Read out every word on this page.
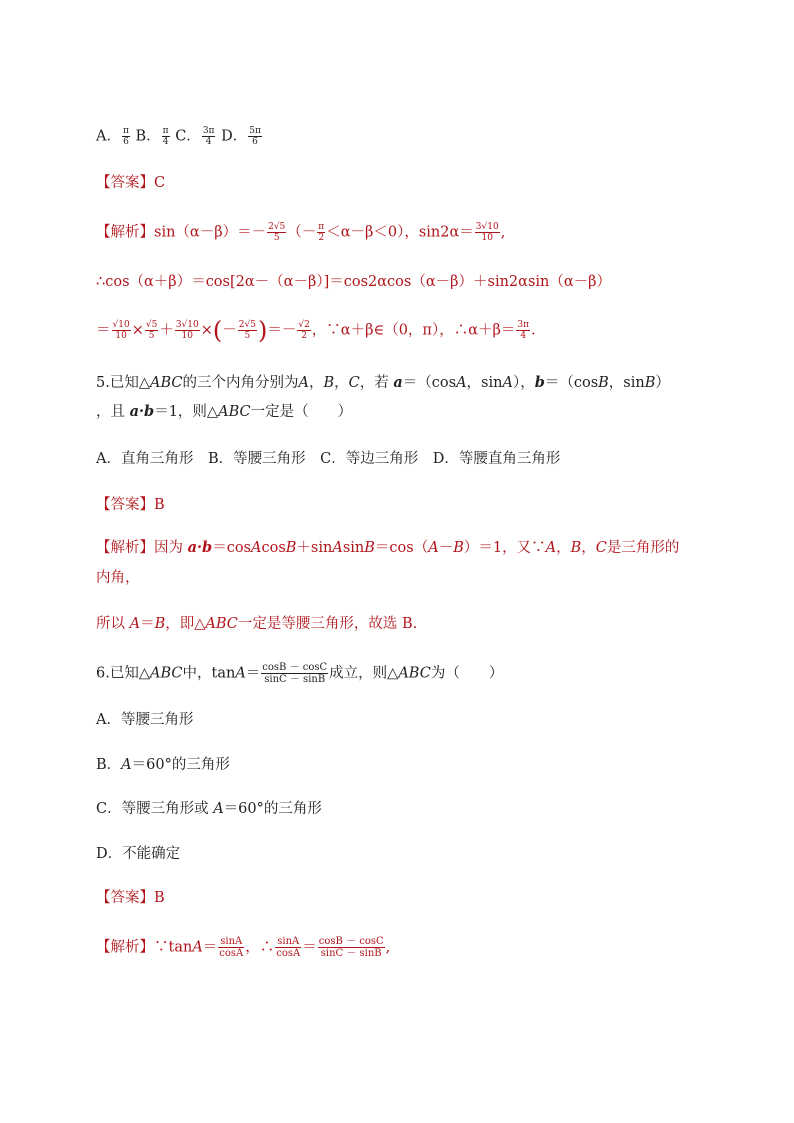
A． $\frac{\pi}{6}$ B． $\frac{\pi}{4}$ C． $\frac{3\pi}{4}$ D． $\frac{5\pi}{6}$
【答案】C
【解析】$\sin(\alpha-\beta)=- \frac{2√5}{5}$ （－ $\frac{\pi}{2} <\alpha-\beta<0$），$\sin 2\alpha= \frac{3√10}{10}$ ,
∴cos（α＋β）＝cos[2α－（α－β）]＝cos2αcos（α－β）＋sin2αsin（α－β）
＝ $\frac{√10}{10} \times \frac{√5}{5} + \frac{3√10}{10}$ ×(－ $\frac{2√5}{5}$ )＝－ $\frac{√2}{2}$ ，∵α＋β∈（0，π），∴α＋β＝ $\frac{3\pi}{4}$ .
5.已知△ABC的三个内角分别为A，B，C，若 a＝（cosA，sinA），b＝（cosB，sinB）
，且 a·b＝1，则△ABC一定是（　　）
A．直角三角形　B．等腰三角形　C．等边三角形　D．等腰直角三角形
【答案】B
【解析】因为 a·b＝cosAcosB＋sinAsinB＝cos（A－B）＝1，又∵A，B，C是三角形的
内角，
所以 A＝B，即△ABC一定是等腰三角形，故选 B.
6.已知△ABC中，$\tan A= \frac{\cos B - \cos C}{\sin C - \sin B}$ 成立，则△ABC为（　　）
A．等腰三角形
B．A＝60°的三角形
C．等腰三角形或 A＝60°的三角形
D．不能确定
【答案】B
【解析】∵tanA＝ $\frac{\sin A}{\cos A}$ ，∴ $\frac{\sin A}{\cos A} = \frac{\cos B - \cos C}{\sin C - \sin B}$ ,
